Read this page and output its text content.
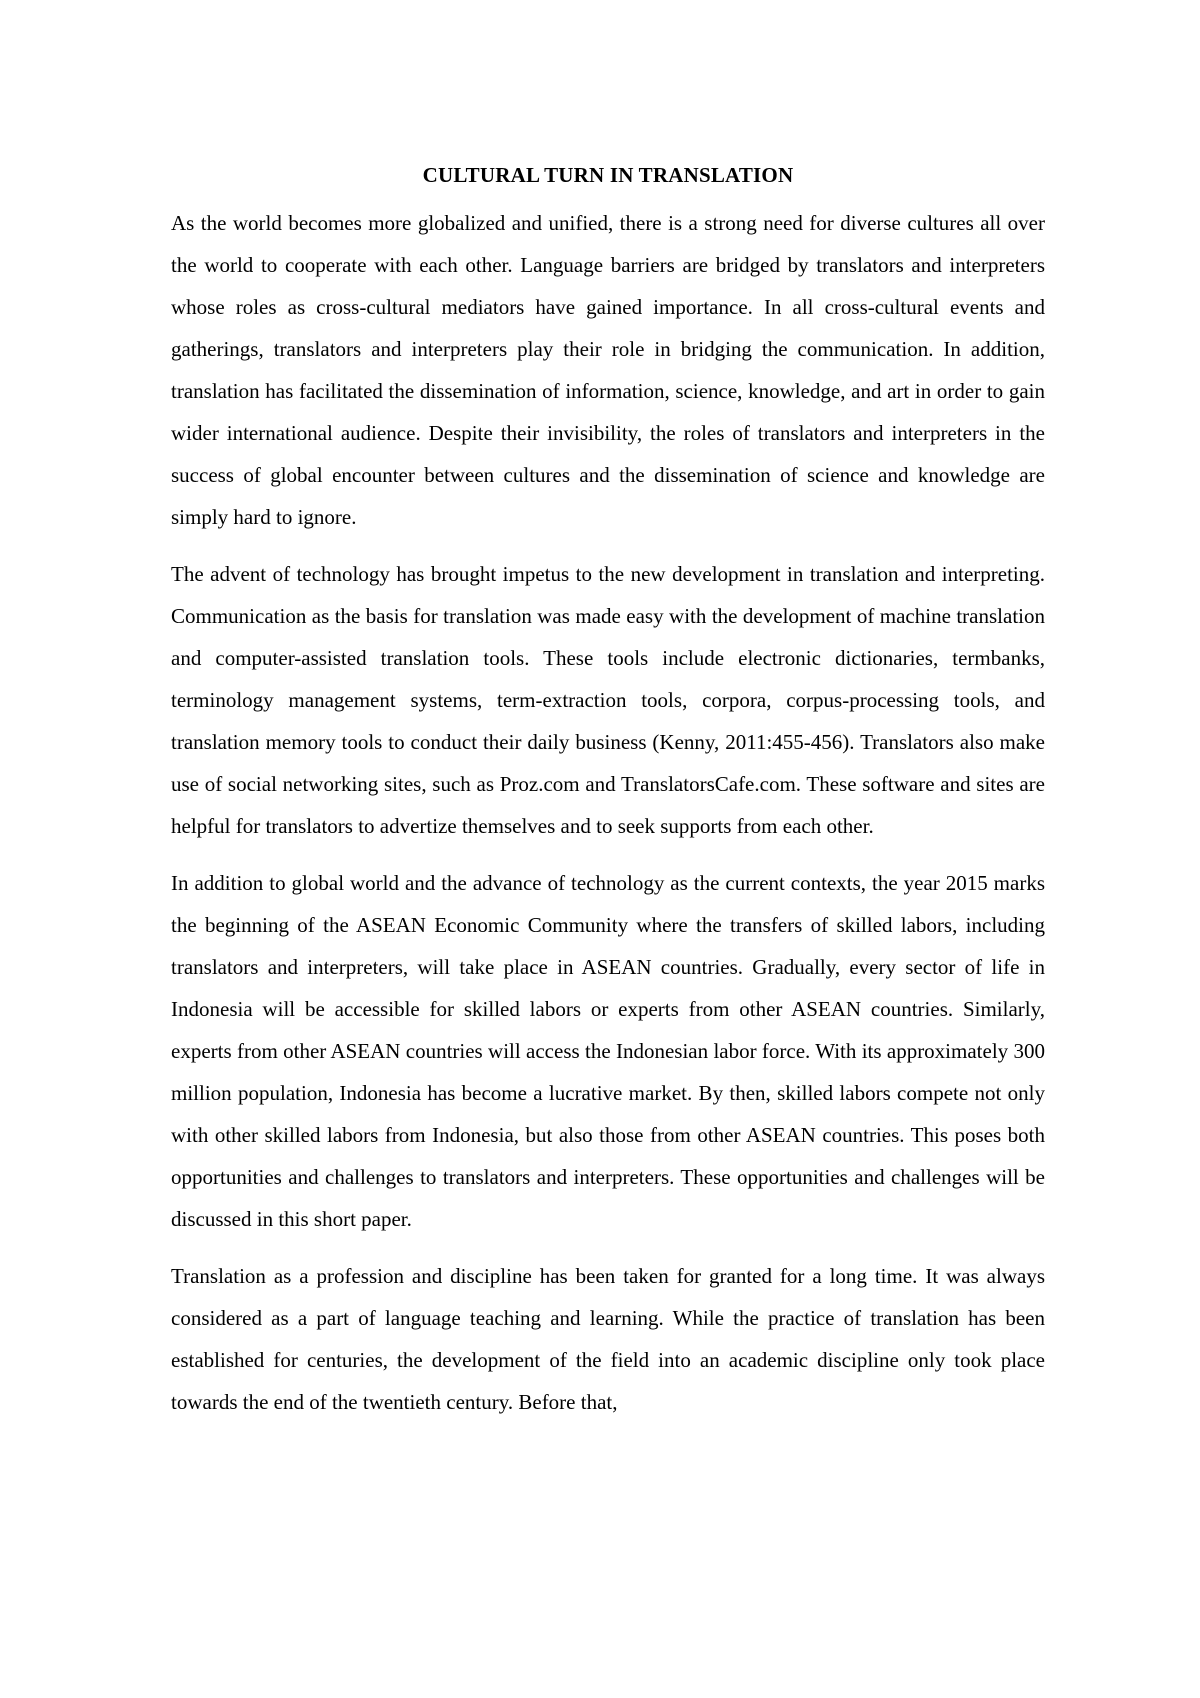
CULTURAL TURN IN TRANSLATION

As the world becomes more globalized and unified, there is a strong need for diverse cultures all over the world to cooperate with each other. Language barriers are bridged by translators and interpreters whose roles as cross-cultural mediators have gained importance. In all cross-cultural events and gatherings, translators and interpreters play their role in bridging the communication. In addition, translation has facilitated the dissemination of information, science, knowledge, and art in order to gain wider international audience. Despite their invisibility, the roles of translators and interpreters in the success of global encounter between cultures and the dissemination of science and knowledge are simply hard to ignore.

The advent of technology has brought impetus to the new development in translation and interpreting. Communication as the basis for translation was made easy with the development of machine translation and computer-assisted translation tools. These tools include electronic dictionaries, termbanks, terminology management systems, term-extraction tools, corpora, corpus-processing tools, and translation memory tools to conduct their daily business (Kenny, 2011:455-456). Translators also make use of social networking sites, such as Proz.com and TranslatorsCafe.com. These software and sites are helpful for translators to advertize themselves and to seek supports from each other.

In addition to global world and the advance of technology as the current contexts, the year 2015 marks the beginning of the ASEAN Economic Community where the transfers of skilled labors, including translators and interpreters, will take place in ASEAN countries. Gradually, every sector of life in Indonesia will be accessible for skilled labors or experts from other ASEAN countries. Similarly, experts from other ASEAN countries will access the Indonesian labor force. With its approximately 300 million population, Indonesia has become a lucrative market. By then, skilled labors compete not only with other skilled labors from Indonesia, but also those from other ASEAN countries. This poses both opportunities and challenges to translators and interpreters. These opportunities and challenges will be discussed in this short paper.

Translation as a profession and discipline has been taken for granted for a long time. It was always considered as a part of language teaching and learning. While the practice of translation has been established for centuries, the development of the field into an academic discipline only took place towards the end of the twentieth century. Before that,
